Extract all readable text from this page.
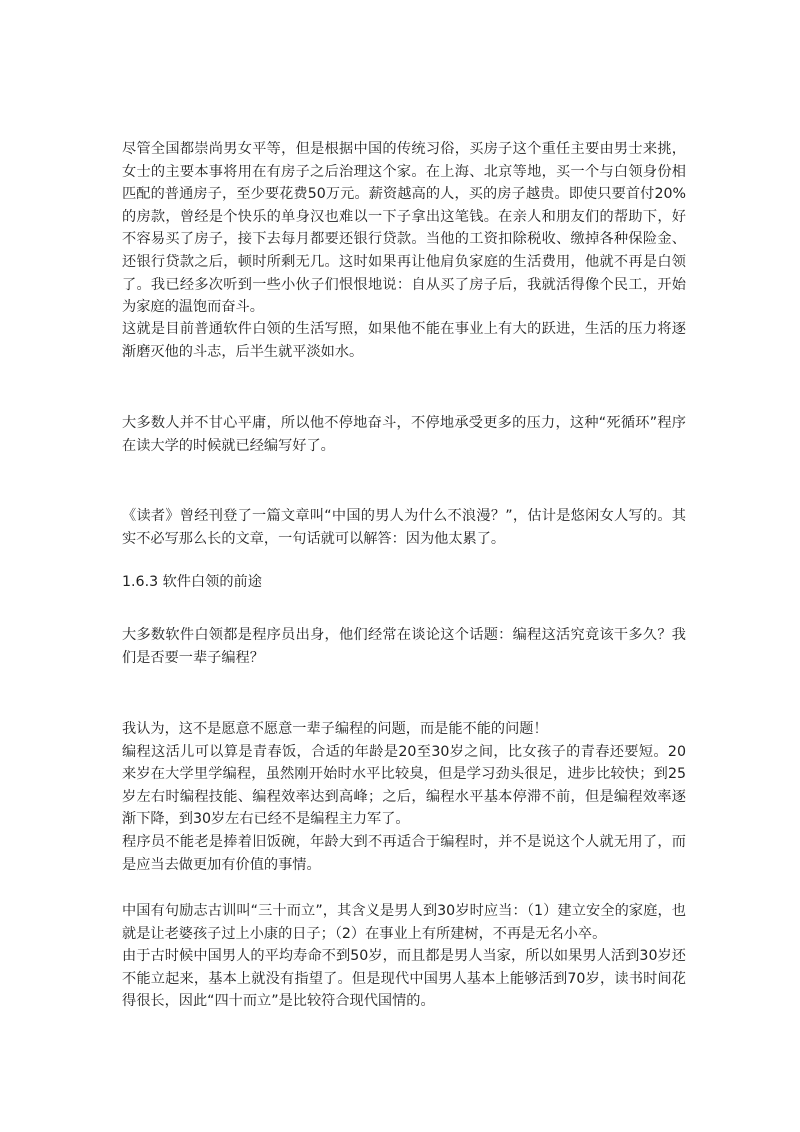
尽管全国都崇尚男女平等，但是根据中国的传统习俗，买房子这个重任主要由男士来挑，女士的主要本事将用在有房子之后治理这个家。在上海、北京等地，买一个与白领身份相匹配的普通房子，至少要花费50万元。薪资越高的人，买的房子越贵。即使只要首付20%的房款，曾经是个快乐的单身汉也难以一下子拿出这笔钱。在亲人和朋友们的帮助下，好不容易买了房子，接下去每月都要还银行贷款。当他的工资扣除税收、缴掉各种保险金、还银行贷款之后，顿时所剩无几。这时如果再让他肩负家庭的生活费用，他就不再是白领了。我已经多次听到一些小伙子们恨恨地说：自从买了房子后，我就活得像个民工，开始为家庭的温饱而奋斗。

这就是目前普通软件白领的生活写照，如果他不能在事业上有大的跃进，生活的压力将逐渐磨灭他的斗志，后半生就平淡如水。

大多数人并不甘心平庸，所以他不停地奋斗，不停地承受更多的压力，这种“死循环”程序在读大学的时候就已经编写好了。

《读者》曾经刊登了一篇文章叫“中国的男人为什么不浪漫？”，估计是悠闲女人写的。其实不必写那么长的文章，一句话就可以解答：因为他太累了。

1.6.3 软件白领的前途

大多数软件白领都是程序员出身，他们经常在谈论这个话题：编程这活究竟该干多久？我们是否要一辈子编程？

我认为，这不是愿意不愿意一辈子编程的问题，而是能不能的问题！

编程这活儿可以算是青春饭，合适的年龄是20至30岁之间，比女孩子的青春还要短。20来岁在大学里学编程，虽然刚开始时水平比较臭，但是学习劲头很足，进步比较快；到25岁左右时编程技能、编程效率达到高峰；之后，编程水平基本停滞不前，但是编程效率逐渐下降，到30岁左右已经不是编程主力军了。

程序员不能老是捧着旧饭碗，年龄大到不再适合于编程时，并不是说这个人就无用了，而是应当去做更加有价值的事情。

中国有句励志古训叫“三十而立”，其含义是男人到30岁时应当：（1）建立安全的家庭，也就是让老婆孩子过上小康的日子；（2）在事业上有所建树，不再是无名小卒。

由于古时候中国男人的平均寿命不到50岁，而且都是男人当家，所以如果男人活到30岁还不能立起来，基本上就没有指望了。但是现代中国男人基本上能够活到70岁，读书时间花得很长，因此“四十而立”是比较符合现代国情的。
